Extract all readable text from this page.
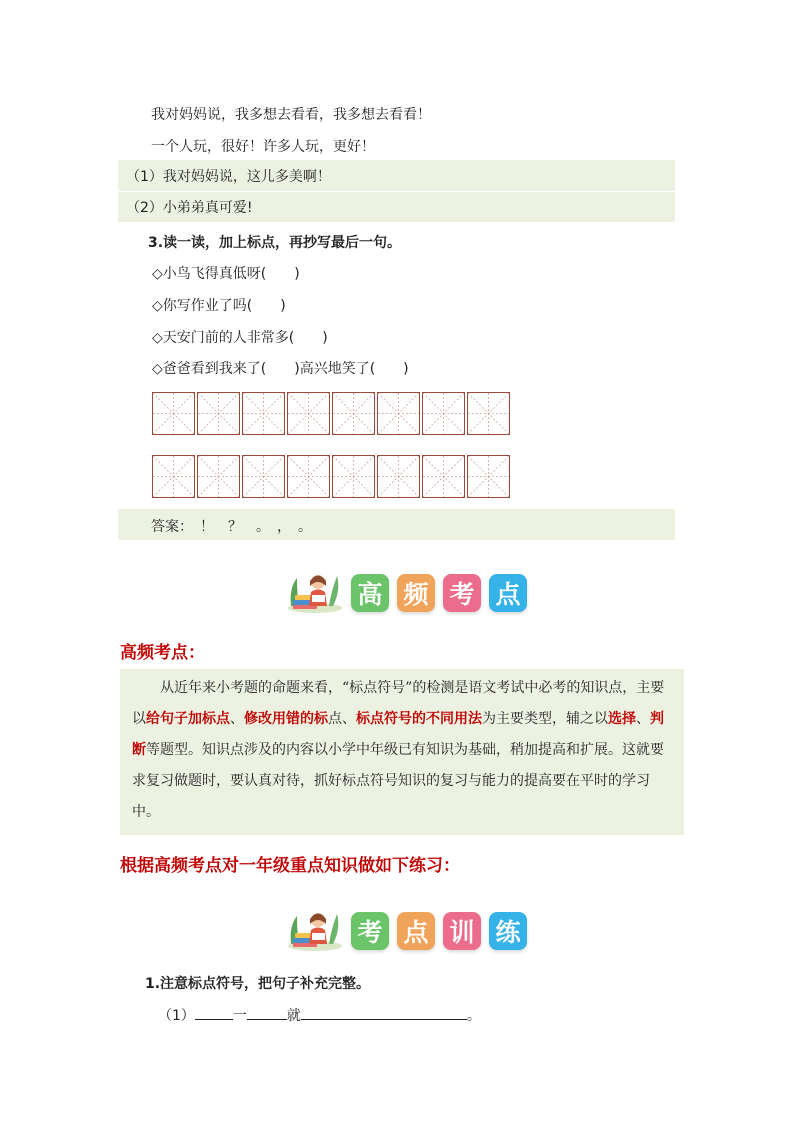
我对妈妈说，我多想去看看，我多想去看看！
一个人玩，很好！许多人玩，更好！
（1）我对妈妈说，这儿多美啊！
（2）小弟弟真可爱!
3.读一读，加上标点，再抄写最后一句。
◇小鸟飞得真低呀(　　)
◇你写作业了吗(　　)
◇天安门前的人非常多(　　)
◇爸爸看到我来了(　　)高兴地笑了(　　)
答案：　！　？　。　，　。
高 频 考 点
高频考点：
　　从近年来小考题的命题来看，“标点符号”的检测是语文考试中必考的知识点，主要以给句子加标点、修改用错的标点、标点符号的不同用法为主要类型，辅之以选择、判断等题型。知识点涉及的内容以小学中年级已有知识为基础，稍加提高和扩展。这就要求复习做题时，要认真对待，抓好标点符号知识的复习与能力的提高要在平时的学习中。
根据高频考点对一年级重点知识做如下练习：
考 点 训 练
1.注意标点符号，把句子补充完整。
（1）	一	就	。
